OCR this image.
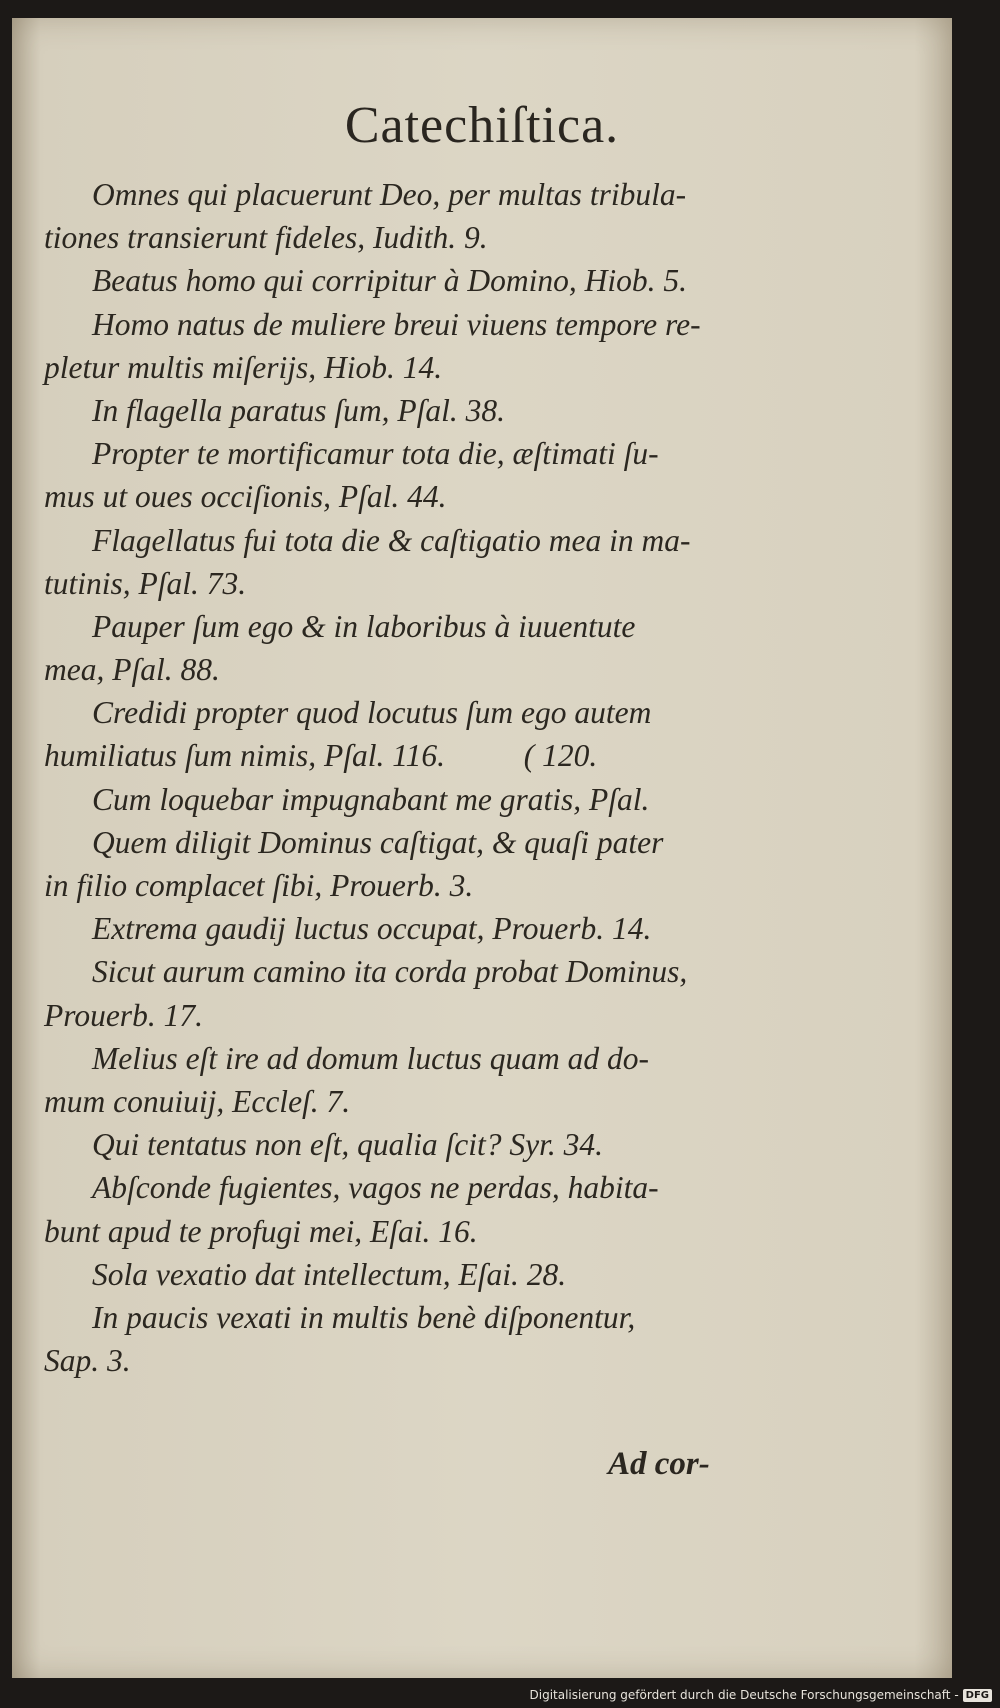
Catechiſtica.
Omnes qui placuerunt Deo, per multas tribula-
tiones transierunt fideles, Iudith. 9.
Beatus homo qui corripitur à Domino, Hiob. 5.
Homo natus de muliere breui viuens tempore re-
pletur multis miſerijs, Hiob. 14.
In flagella paratus ſum, Pſal. 38.
Propter te mortificamur tota die, æſtimati ſu-
mus ut oues occiſionis, Pſal. 44.
Flagellatus fui tota die & caſtigatio mea in ma-
tutinis, Pſal. 73.
Pauper ſum ego & in laboribus à iuuentute
mea, Pſal. 88.
Credidi propter quod locutus ſum ego autem
humiliatus ſum nimis, Pſal. 116.          ( 120.
Cum loquebar impugnabant me gratis, Pſal.
Quem diligit Dominus caſtigat, & quaſi pater
in filio complacet ſibi, Prouerb. 3.
Extrema gaudij luctus occupat, Prouerb. 14.
Sicut aurum camino ita corda probat Dominus,
Prouerb. 17.
Melius eſt ire ad domum luctus quam ad do-
mum conuiuij, Eccleſ. 7.
Qui tentatus non eſt, qualia ſcit? Syr. 34.
Abſconde fugientes, vagos ne perdas, habita-
bunt apud te profugi mei, Eſai. 16.
Sola vexatio dat intellectum, Eſai. 28.
In paucis vexati in multis benè diſponentur,
Sap. 3.
Ad cor-
Digitalisierung gefördert durch die Deutsche Forschungsgemeinschaft - DFG
